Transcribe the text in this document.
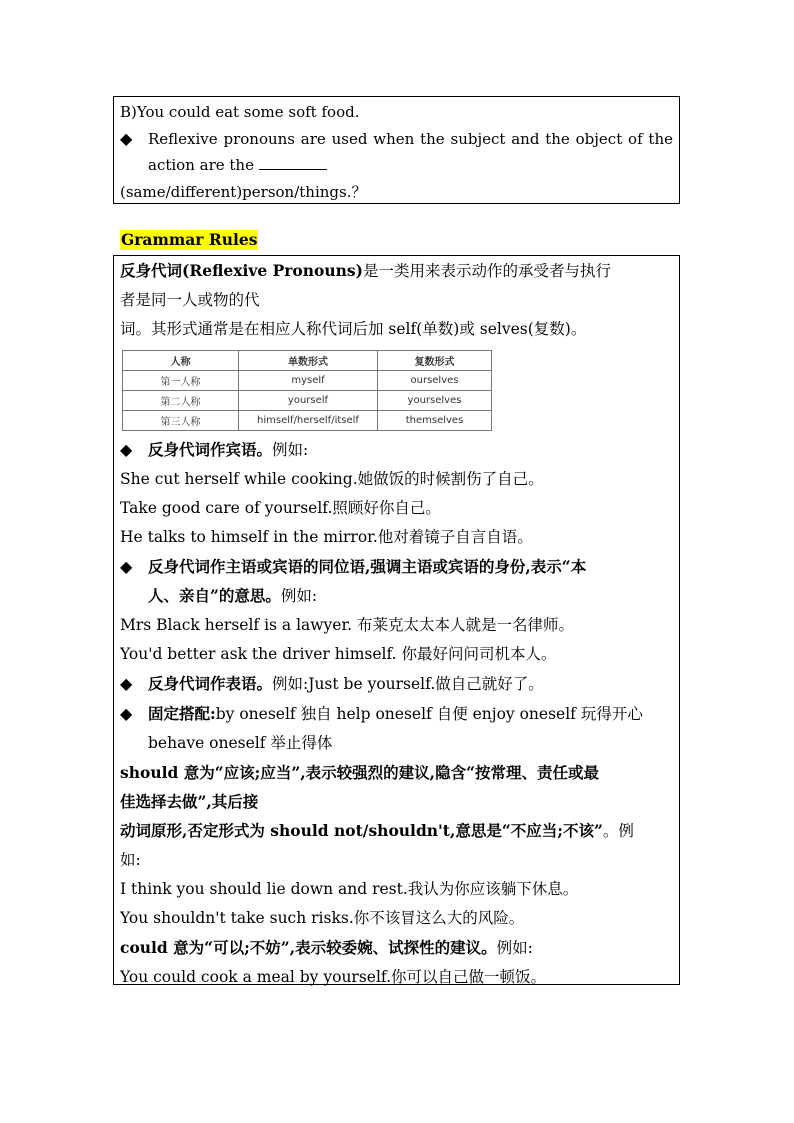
B)You could eat some soft food.
◆	Reflexive pronouns are used when the subject and the object of the
action are the
(same/different)person/things.？
Grammar Rules
反身代词(Reflexive Pronouns)是一类用来表示动作的承受者与执行
者是同一人或物的代
词。其形式通常是在相应人称代词后加 self(单数)或 selves(复数)。
人称	单数形式	复数形式
第一人称	myself	ourselves
第二人称	yourself	yourselves
第三人称	himself/herself/itself	themselves
◆	反身代词作宾语。例如:
She cut herself while cooking.她做饭的时候割伤了自己。
Take good care of yourself.照顾好你自己。
He talks to himself in the mirror.他对着镜子自言自语。
◆	反身代词作主语或宾语的同位语,强调主语或宾语的身份,表示“本
人、亲自”的意思。例如:
Mrs Black herself is a lawyer. 布莱克太太本人就是一名律师。
You'd better ask the driver himself. 你最好问问司机本人。
◆	反身代词作表语。例如:Just be yourself.做自己就好了。
◆	固定搭配:by oneself 独自 help oneself 自便 enjoy oneself 玩得开心
behave oneself 举止得体
should 意为“应该;应当”,表示较强烈的建议,隐含“按常理、责任或最
佳选择去做”,其后接
动词原形,否定形式为 should not/shouldn't,意思是“不应当;不该”。例
如:
I think you should lie down and rest.我认为你应该躺下休息。
You shouldn't take such risks.你不该冒这么大的风险。
could 意为“可以;不妨”,表示较委婉、试探性的建议。例如:
You could cook a meal by yourself.你可以自己做一顿饭。
